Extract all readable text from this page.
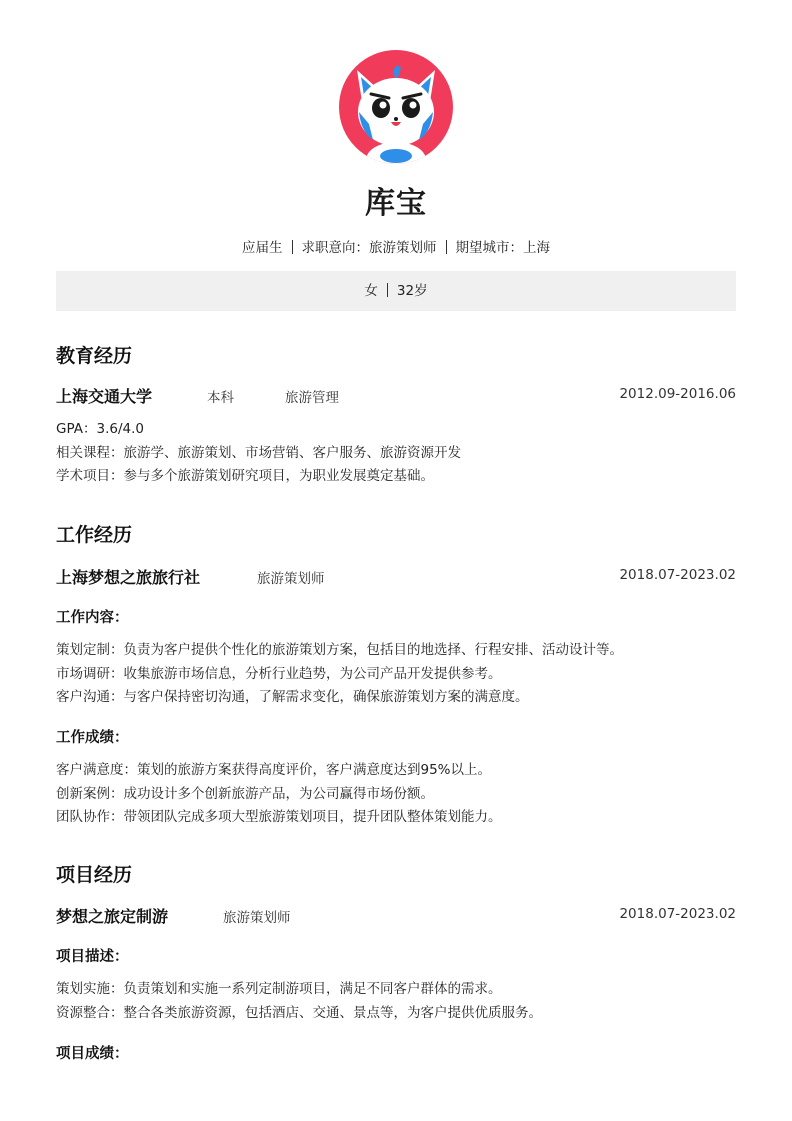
库宝
应届生 求职意向：旅游策划师 期望城市：上海
女 32岁
教育经历
上海交通大学	本科	旅游管理	2012.09-2016.06
GPA：3.6/4.0
相关课程：旅游学、旅游策划、市场营销、客户服务、旅游资源开发
学术项目：参与多个旅游策划研究项目，为职业发展奠定基础。
工作经历
上海梦想之旅旅行社	旅游策划师	2018.07-2023.02
工作内容：
策划定制：负责为客户提供个性化的旅游策划方案，包括目的地选择、行程安排、活动设计等。
市场调研：收集旅游市场信息，分析行业趋势，为公司产品开发提供参考。
客户沟通：与客户保持密切沟通，了解需求变化，确保旅游策划方案的满意度。
工作成绩：
客户满意度：策划的旅游方案获得高度评价，客户满意度达到95%以上。
创新案例：成功设计多个创新旅游产品，为公司赢得市场份额。
团队协作：带领团队完成多项大型旅游策划项目，提升团队整体策划能力。
项目经历
梦想之旅定制游	旅游策划师	2018.07-2023.02
项目描述：
策划实施：负责策划和实施一系列定制游项目，满足不同客户群体的需求。
资源整合：整合各类旅游资源，包括酒店、交通、景点等，为客户提供优质服务。
项目成绩：
